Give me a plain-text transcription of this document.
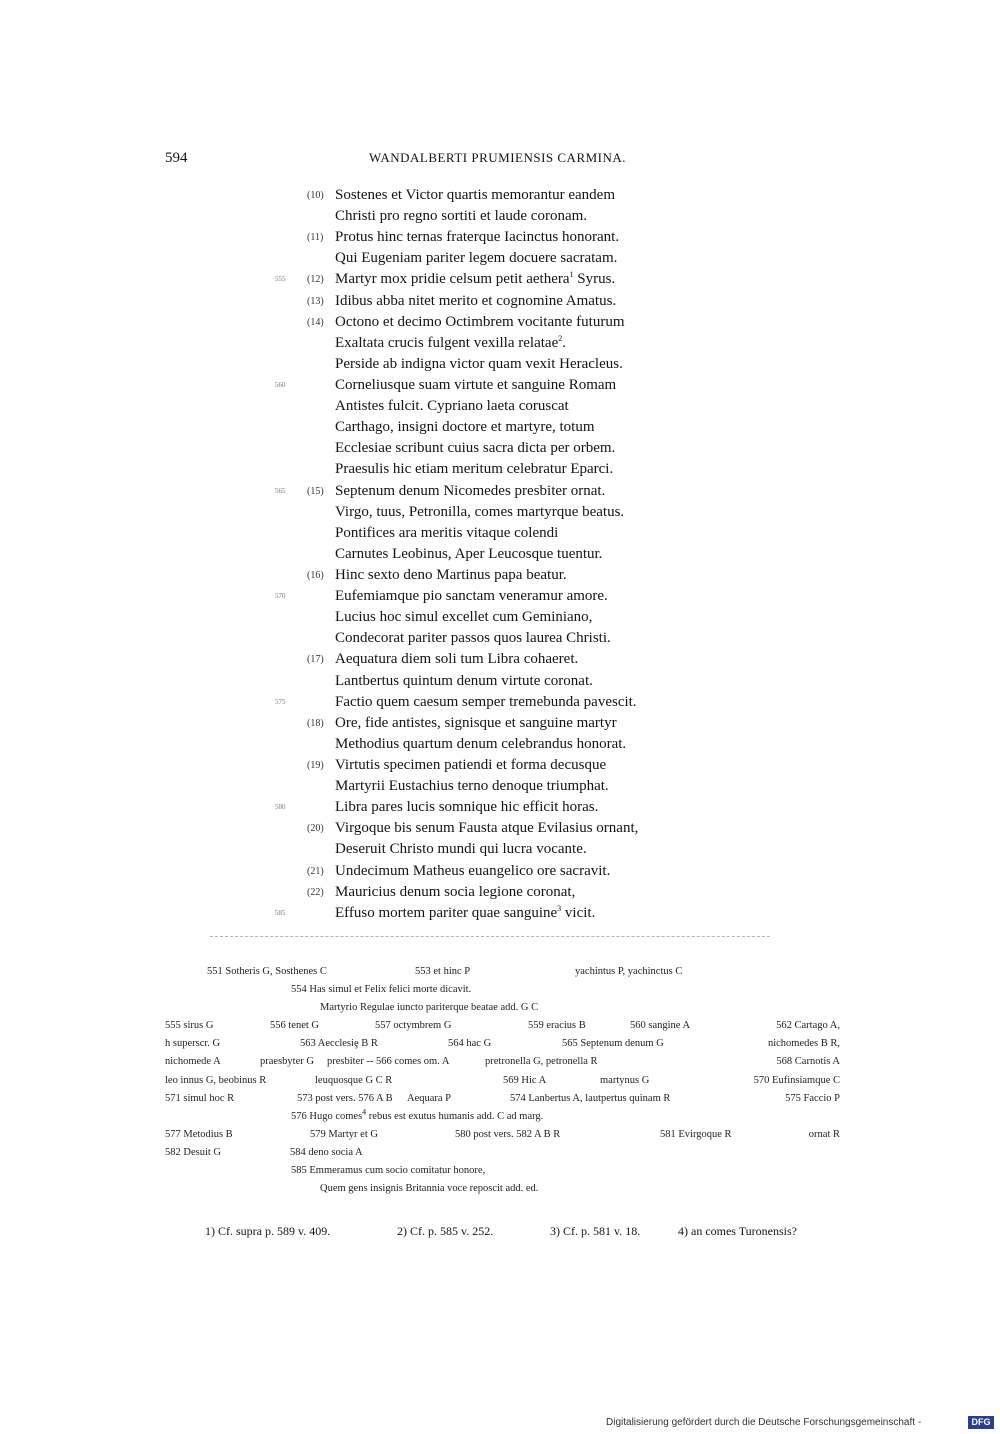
594	WANDALBERTI PRUMIENSIS CARMINA.
(10) Sostenes et Victor quartis memorantur eandem
Christi pro regno sortiti et laude coronam.
(11) Protus hinc ternas fraterque Iacinctus honorant.
Qui Eugeniam pariter legem docuere sacratam.
555 (12) Martyr mox pridie celsum petit aethera$^1$ Syrus.
(13) Idibus abba nitet merito et cognomine Amatus.
(14) Octono et decimo Octimbrem vocitante futurum
Exaltata crucis fulgent vexilla relatae$^2$.
Perside ab indigna victor quam vexit Heracleus.
560	Corneliusque suam virtute et sanguine Romam
Antistes fulcit. Cypriano laeta coruscat
Carthago, insigni doctore et martyre, totum
Ecclesiae scribunt cuius sacra dicta per orbem.
Praesulis hic etiam meritum celebratur Eparci.
565 (15) Septenum denum Nicomedes presbiter ornat.
Virgo, tuus, Petronilla, comes martyrque beatus.
Pontifices ara meritis vitaque colendi
Carnutes Leobinus, Aper Leucosque tuentur.
(16) Hinc sexto deno Martinus papa beatur.
570	Eufemiamque pio sanctam veneramur amore.
Lucius hoc simul excellet cum Geminiano,
Condecorat pariter passos quos laurea Christi.
(17) Aequatura diem soli tum Libra cohaeret.
Lantbertus quintum denum virtute coronat.
575	Factio quem caesum semper tremebunda pavescit.
(18) Ore, fide antistes, signisque et sanguine martyr
Methodius quartum denum celebrandus honorat.
(19) Virtutis specimen patiendi et forma decusque
Martyrii Eustachius terno denoque triumphat.
580	Libra pares lucis somnique hic efficit horas.
(20) Virgoque bis senum Fausta atque Evilasius ornant,
Deseruit Christo mundi qui lucra vocante.
(21) Undecimum Matheus euangelico ore sacravit.
(22) Mauricius denum socia legione coronat,
585	Effuso mortem pariter quae sanguine$^3$ vicit.
551 Sotheris G, Sosthenes C	553 et hinc P	yachintus P, yachinctus C
554 Has simul et Felix felici morte dicavit.
Martyrio Regulae iuncto pariterque beatae add. G C
555 sirus G	556 tenet G	557 octymbrem G	559 eracius B	560 sangine A	562 Cartago A,
h superscr. G	563 Aecclesiȩ B R	564 hac G	565 Septenum denum G	nichomedes B R,
nichomede A	praesbyter G presbiter -- 566 comes om. A	pretronella G, petronella R	568 Carnotis A
leo innus G, beobinus R	leuquosque G C R	569 Hic A	martynus G	570 Eufinsiamque C
571 simul hoc R	573 post vers. 576 A B Aequara P	574 Lanbertus A, lautpertus quinam R	575 Faccio P
576 Hugo comes$^4$ rebus est exutus humanis add. C ad marg.
577 Metodius B	579 Martyr et G	580 post vers. 582 A B R	581 Evirgoque R	ornat R
582 Desuit G	584 deno socia A
585 Emmeramus cum socio comitatur honore,
Quem gens insignis Britannia voce reposcit add. ed.
1) Cf. supra p. 589 v. 409.	2) Cf. p. 585 v. 252.	3) Cf. p. 581 v. 18.	4) an comes Turonensis?
Digitalisierung gefördert durch die Deutsche Forschungsgemeinschaft -	DFG
